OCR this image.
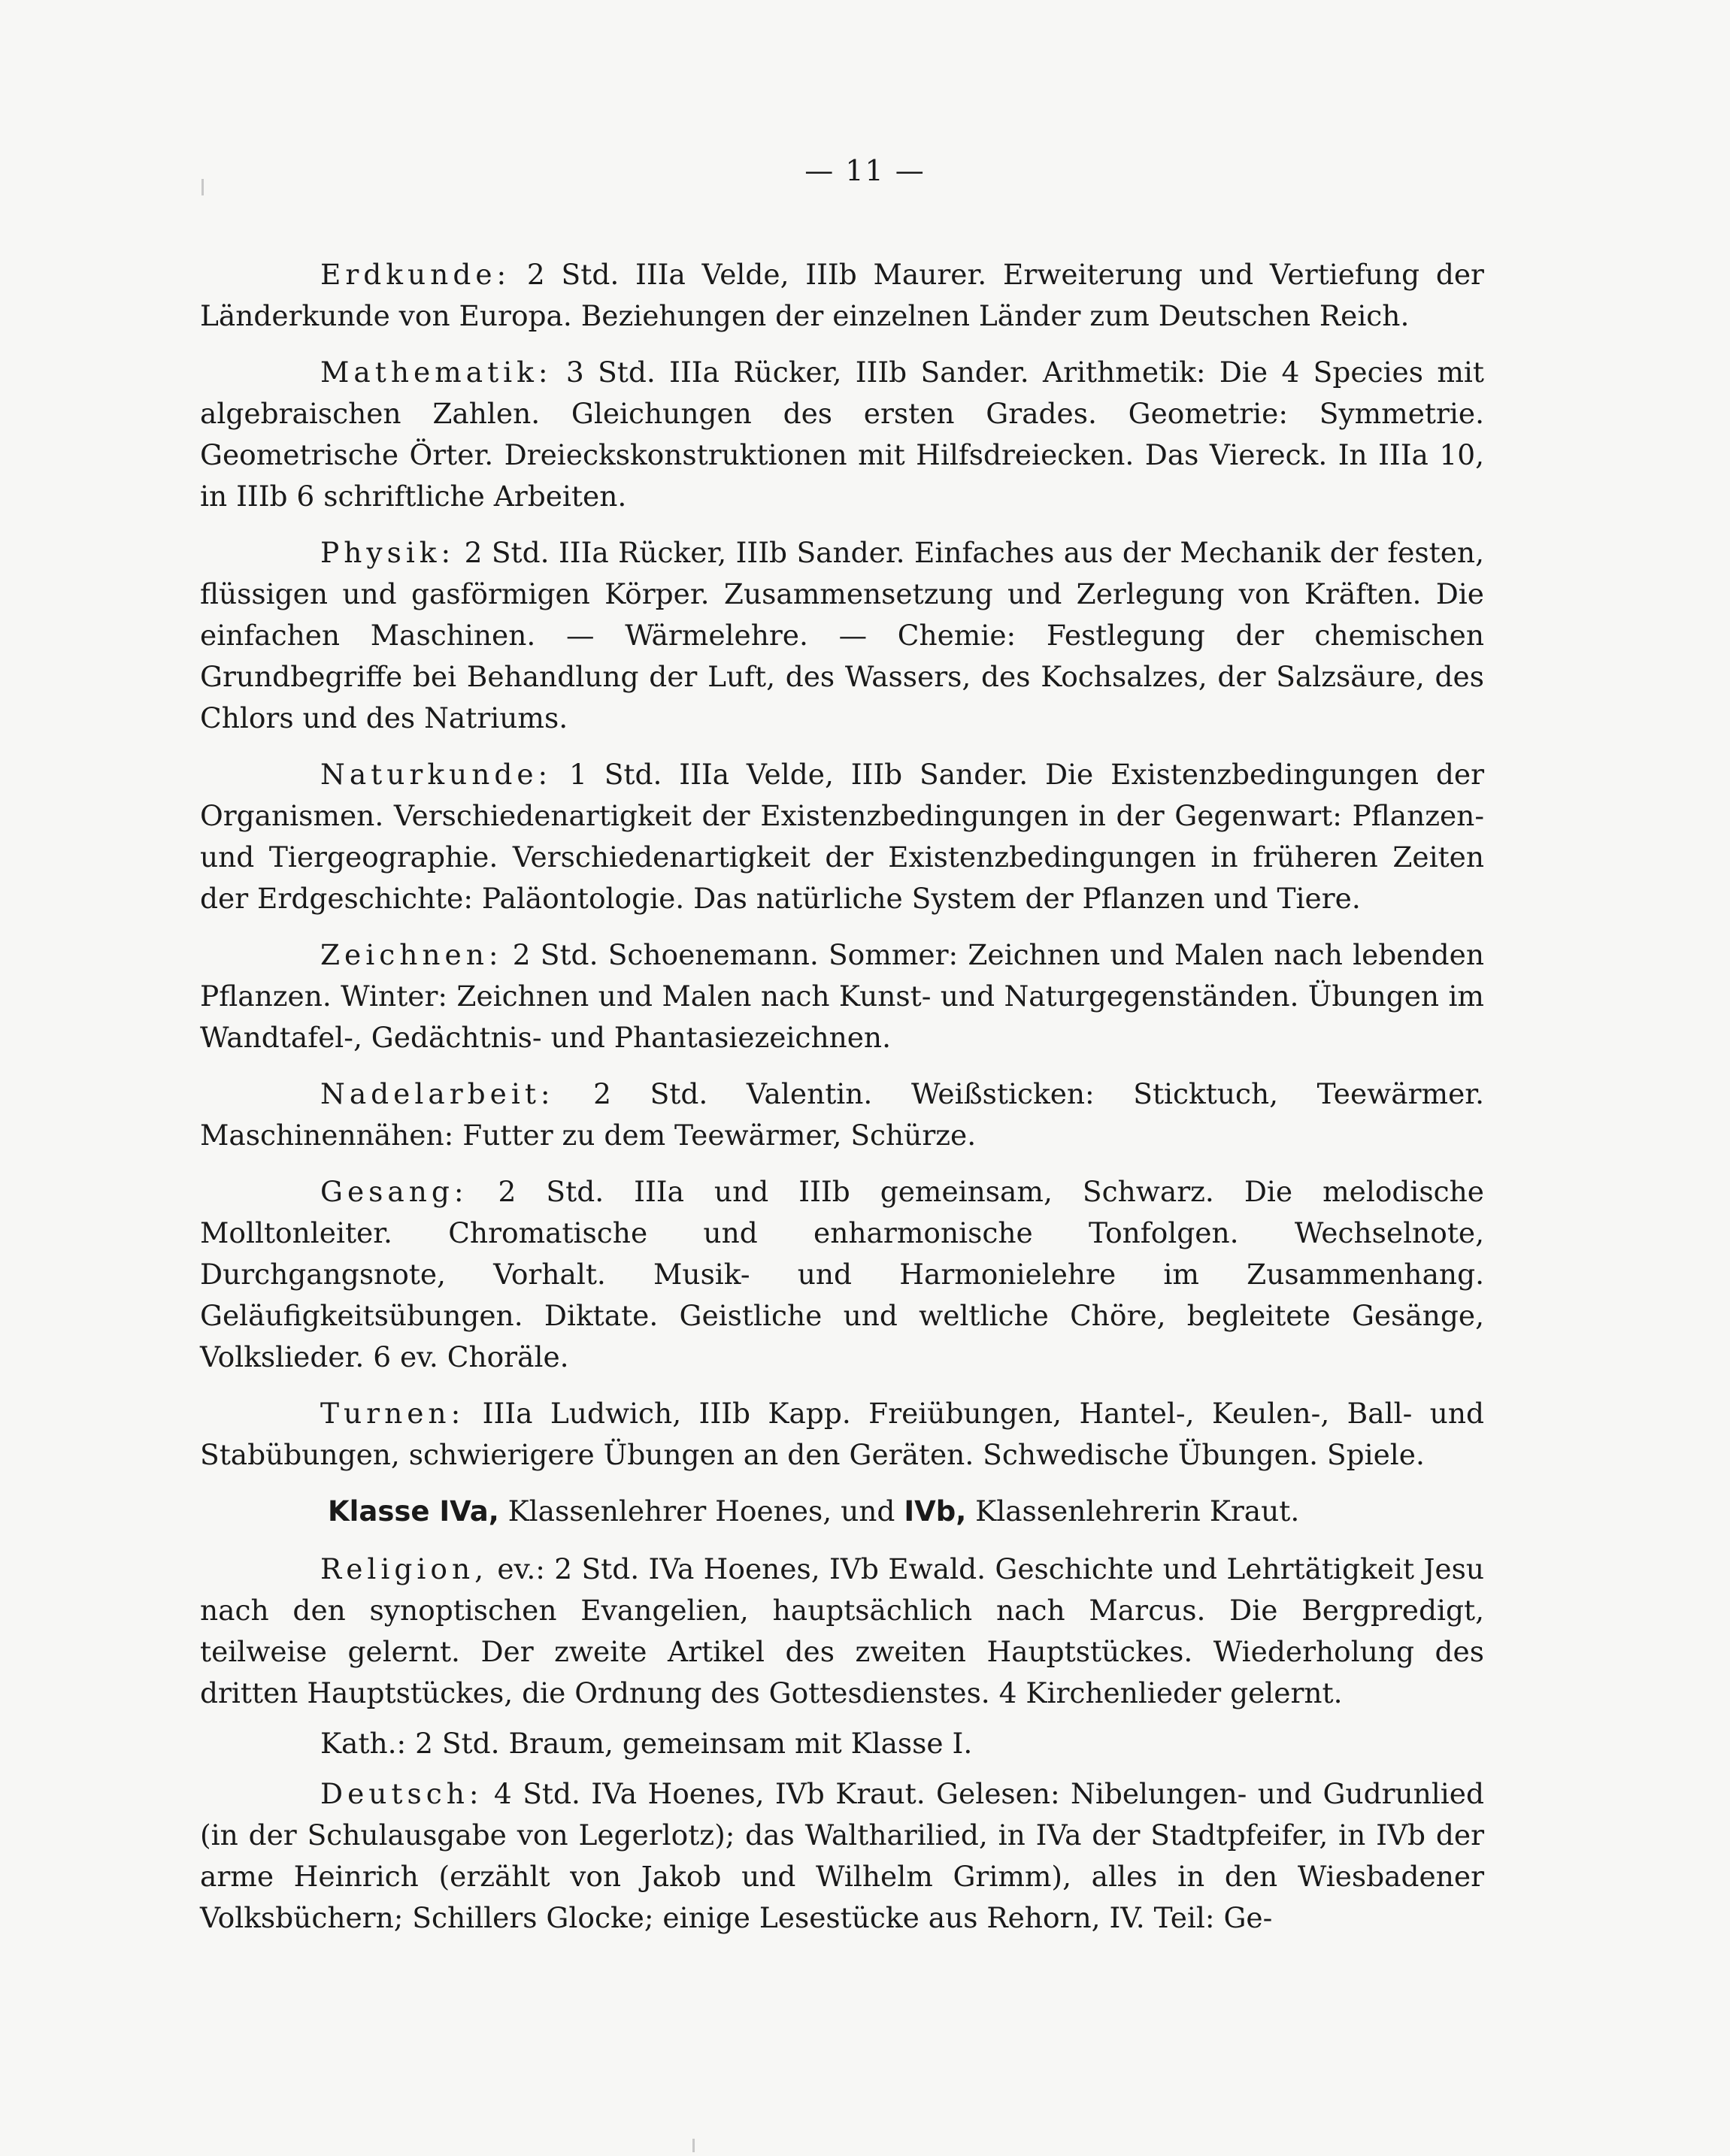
— 11 —

Erdkunde: 2 Std. IIIa Velde, IIIb Maurer. Erweiterung und Vertiefung der Länderkunde von Europa. Beziehungen der einzelnen Länder zum Deutschen Reich.

Mathematik: 3 Std. IIIa Rücker, IIIb Sander. Arithmetik: Die 4 Species mit algebraischen Zahlen. Gleichungen des ersten Grades. Geometrie: Symmetrie. Geometrische Örter. Dreieckskonstruktionen mit Hilfsdreiecken. Das Viereck. In IIIa 10, in IIIb 6 schriftliche Arbeiten.

Physik: 2 Std. IIIa Rücker, IIIb Sander. Einfaches aus der Mechanik der festen, flüssigen und gasförmigen Körper. Zusammensetzung und Zerlegung von Kräften. Die einfachen Maschinen. — Wärmelehre. — Chemie: Festlegung der chemischen Grundbegriffe bei Behandlung der Luft, des Wassers, des Kochsalzes, der Salzsäure, des Chlors und des Natriums.

Naturkunde: 1 Std. IIIa Velde, IIIb Sander. Die Existenzbedingungen der Organismen. Verschiedenartigkeit der Existenzbedingungen in der Gegenwart: Pflanzen- und Tiergeographie. Verschiedenartigkeit der Existenzbedingungen in früheren Zeiten der Erdgeschichte: Paläontologie. Das natürliche System der Pflanzen und Tiere.

Zeichnen: 2 Std. Schoenemann. Sommer: Zeichnen und Malen nach lebenden Pflanzen. Winter: Zeichnen und Malen nach Kunst- und Naturgegenständen. Übungen im Wandtafel-, Gedächtnis- und Phantasiezeichnen.

Nadelarbeit: 2 Std. Valentin. Weißsticken: Sticktuch, Teewärmer. Maschinennähen: Futter zu dem Teewärmer, Schürze.

Gesang: 2 Std. IIIa und IIIb gemeinsam, Schwarz. Die melodische Molltonleiter. Chromatische und enharmonische Tonfolgen. Wechselnote, Durchgangsnote, Vorhalt. Musik- und Harmonielehre im Zusammenhang. Geläufigkeitsübungen. Diktate. Geistliche und weltliche Chöre, begleitete Gesänge, Volkslieder. 6 ev. Choräle.

Turnen: IIIa Ludwich, IIIb Kapp. Freiübungen, Hantel-, Keulen-, Ball- und Stabübungen, schwierigere Übungen an den Geräten. Schwedische Übungen. Spiele.

Klasse IVa, Klassenlehrer Hoenes, und IVb, Klassenlehrerin Kraut.

Religion, ev.: 2 Std. IVa Hoenes, IVb Ewald. Geschichte und Lehrtätigkeit Jesu nach den synoptischen Evangelien, hauptsächlich nach Marcus. Die Bergpredigt, teilweise gelernt. Der zweite Artikel des zweiten Hauptstückes. Wiederholung des dritten Hauptstückes, die Ordnung des Gottesdienstes. 4 Kirchenlieder gelernt.

Kath.: 2 Std. Braum, gemeinsam mit Klasse I.

Deutsch: 4 Std. IVa Hoenes, IVb Kraut. Gelesen: Nibelungen- und Gudrunlied (in der Schulausgabe von Legerlotz); das Waltharilied, in IVa der Stadtpfeifer, in IVb der arme Heinrich (erzählt von Jakob und Wilhelm Grimm), alles in den Wiesbadener Volksbüchern; Schillers Glocke; einige Lesestücke aus Rehorn, IV. Teil: Ge-
